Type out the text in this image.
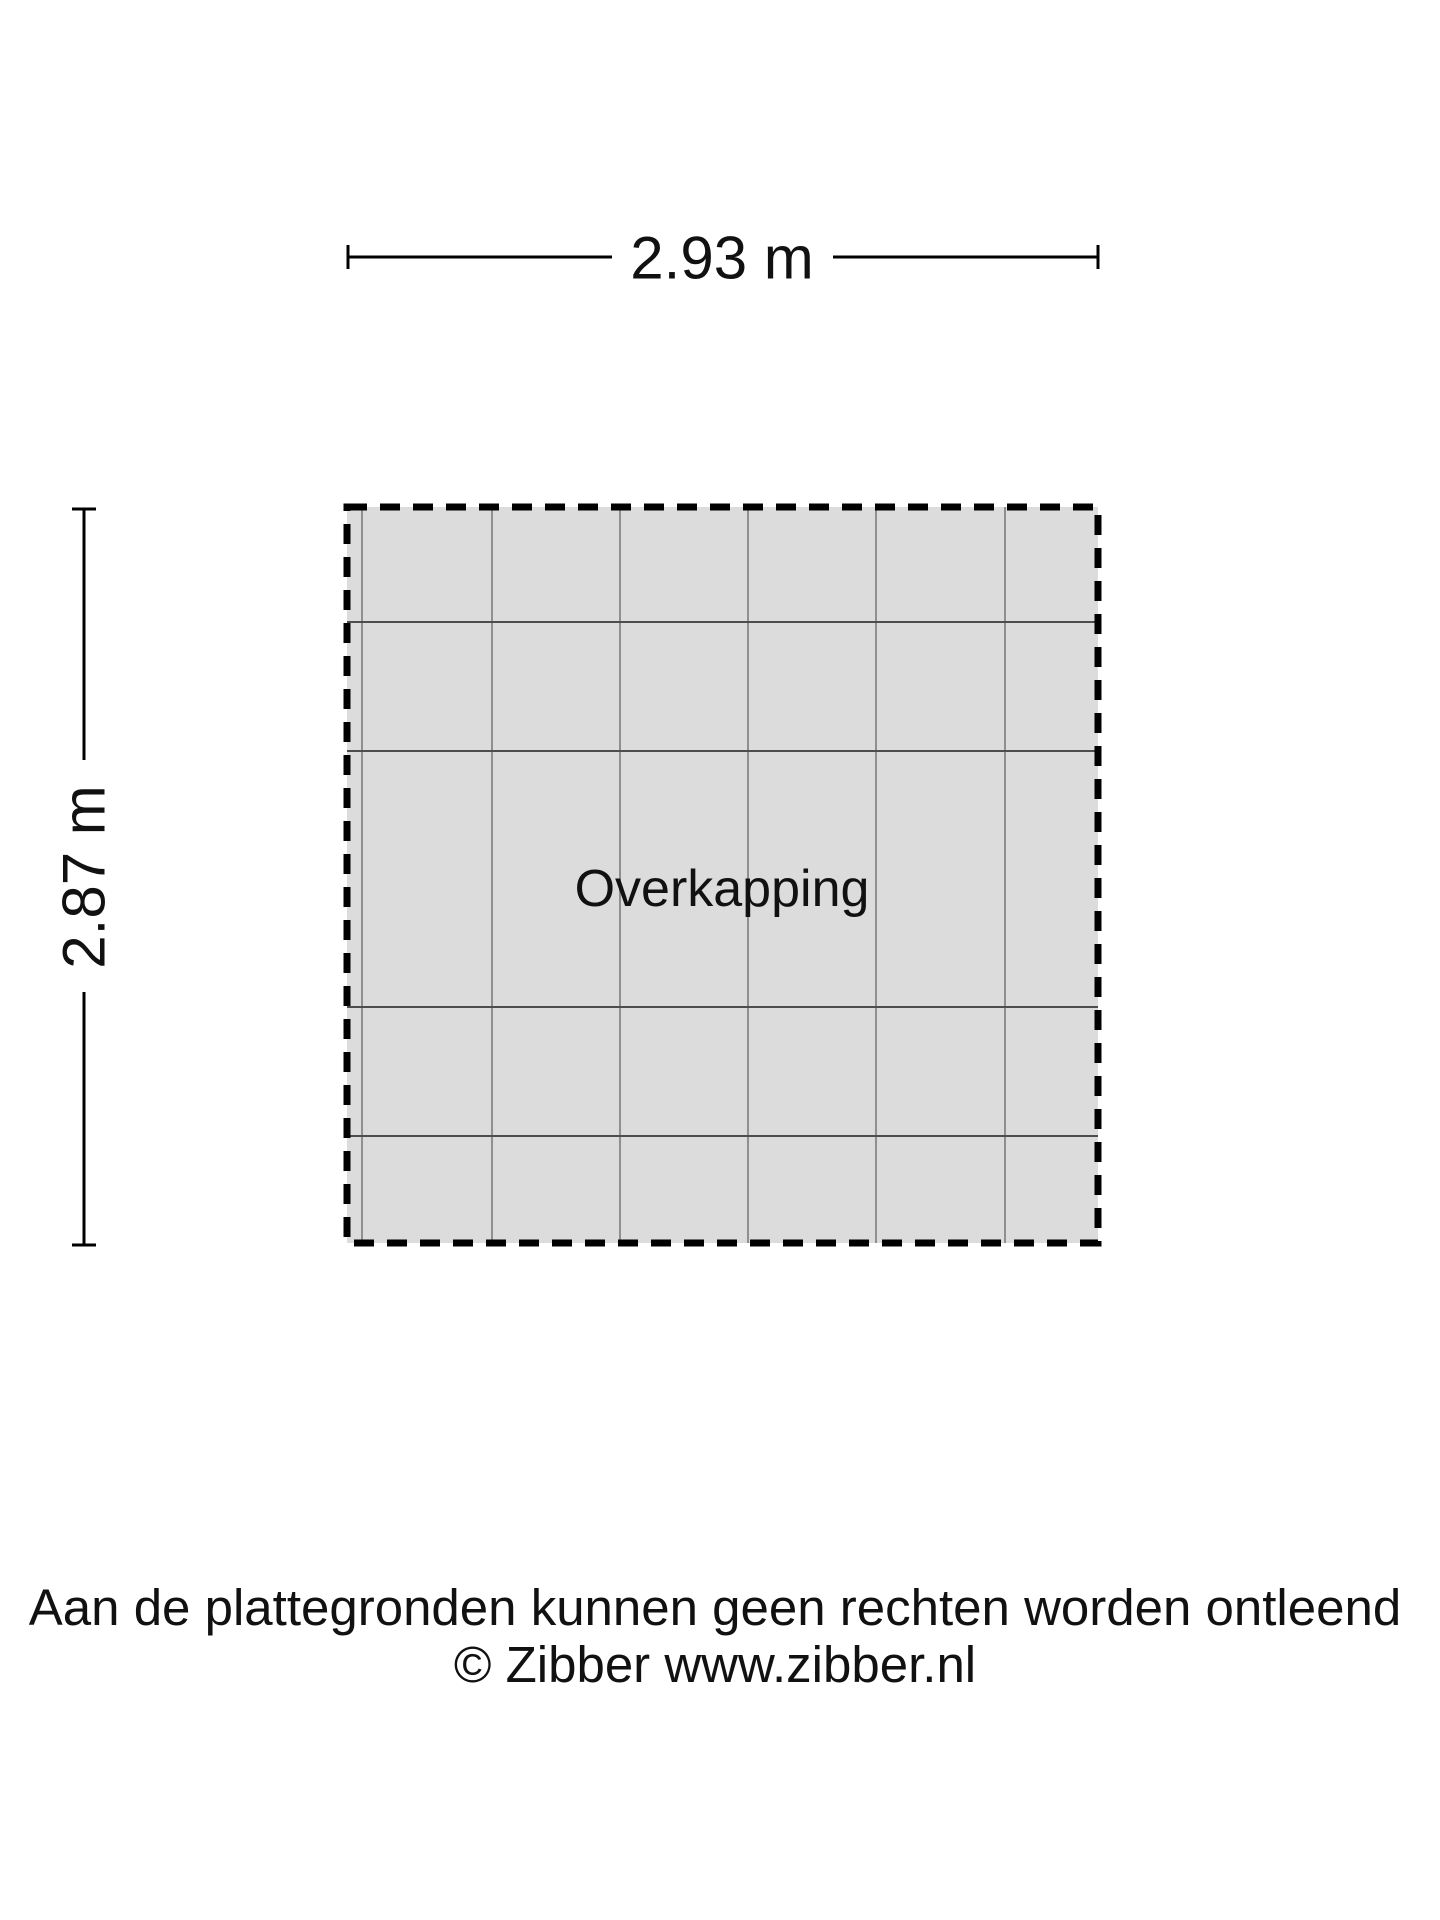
Overkapping
2.93 m
2.87 m
Aan de plattegronden kunnen geen rechten worden ontleend
© Zibber www.zibber.nl
